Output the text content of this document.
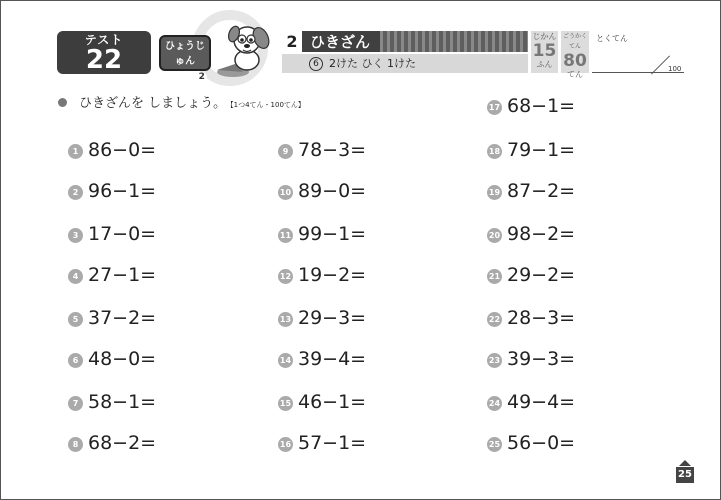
テスト
22	ひょうじゅん
レベル 2
2 ひきざん
6 2けた ひく 1けた
じかん
15
ふん
ごうかくてん
80
てん
とくてん
100
ひきざんを しましょう。 【1つ4てん・100てん】
1 86−0=
2 96−1=
3 17−0=
4 27−1=
5 37−2=
6 48−0=
7 58−1=
8 68−2=
9 78−3=
10 89−0=
11 99−1=
12 19−2=
13 29−3=
14 39−4=
15 46−1=
16 57−1=
17 68−1=
18 79−1=
19 87−2=
20 98−2=
21 29−2=
22 28−3=
23 39−3=
24 49−4=
25 56−0=
25
